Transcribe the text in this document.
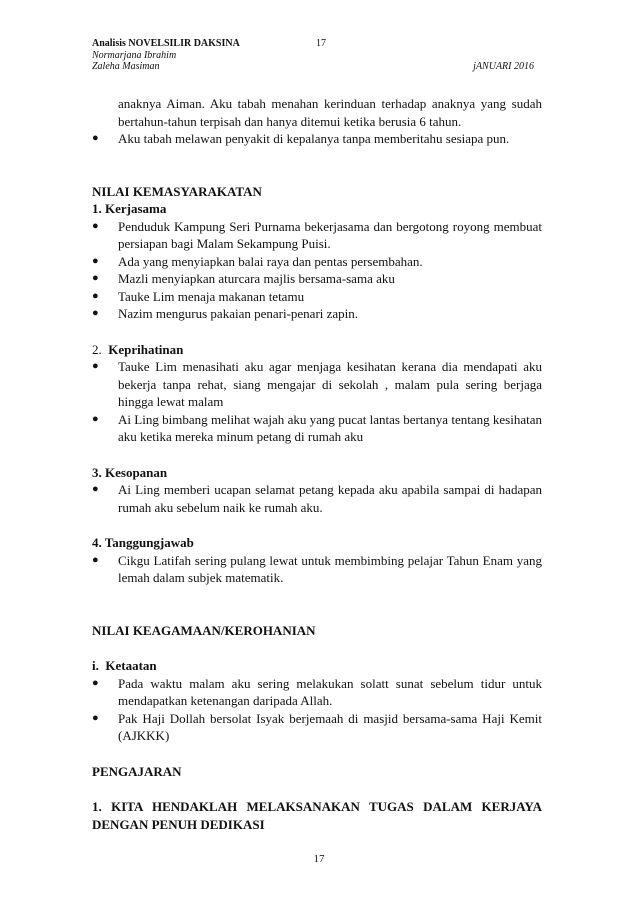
Analisis NOVELSILIR DAKSINA	17
Normarjana Ibrahim
Zaleha Masiman	jANUARI 2016
anaknya Aiman. Aku tabah menahan kerinduan terhadap anaknya yang sudah bertahun-tahun terpisah dan hanya ditemui ketika berusia 6 tahun.
●	Aku tabah melawan penyakit di kepalanya tanpa memberitahu sesiapa pun.
NILAI KEMASYARAKATAN
1. Kerjasama
●	Penduduk Kampung Seri Purnama bekerjasama dan bergotong royong membuat persiapan bagi Malam Sekampung Puisi.
●	Ada yang menyiapkan balai raya dan pentas persembahan.
●	Mazli menyiapkan aturcara majlis bersama-sama aku
●	Tauke Lim menaja makanan tetamu
●	Nazim mengurus pakaian penari-penari zapin.
2. Keprihatinan
●	Tauke Lim menasihati aku agar menjaga kesihatan kerana dia mendapati aku bekerja tanpa rehat, siang mengajar di sekolah , malam pula sering berjaga hingga lewat malam
●	Ai Ling bimbang melihat wajah aku yang pucat lantas bertanya tentang kesihatan aku ketika mereka minum petang di rumah aku
3. Kesopanan
●	Ai Ling memberi ucapan selamat petang kepada aku apabila sampai di hadapan rumah aku sebelum naik ke rumah aku.
4. Tanggungjawab
●	Cikgu Latifah sering pulang lewat untuk membimbing pelajar Tahun Enam yang lemah dalam subjek matematik.
NILAI KEAGAMAAN/KEROHANIAN
i.  Ketaatan
●	Pada waktu malam aku sering melakukan solatt sunat sebelum tidur untuk mendapatkan ketenangan daripada Allah.
●	Pak Haji Dollah bersolat Isyak berjemaah di masjid bersama-sama Haji Kemit (AJKKK)
PENGAJARAN
1. KITA HENDAKLAH MELAKSANAKAN TUGAS DALAM KERJAYA DENGAN PENUH DEDIKASI
17
